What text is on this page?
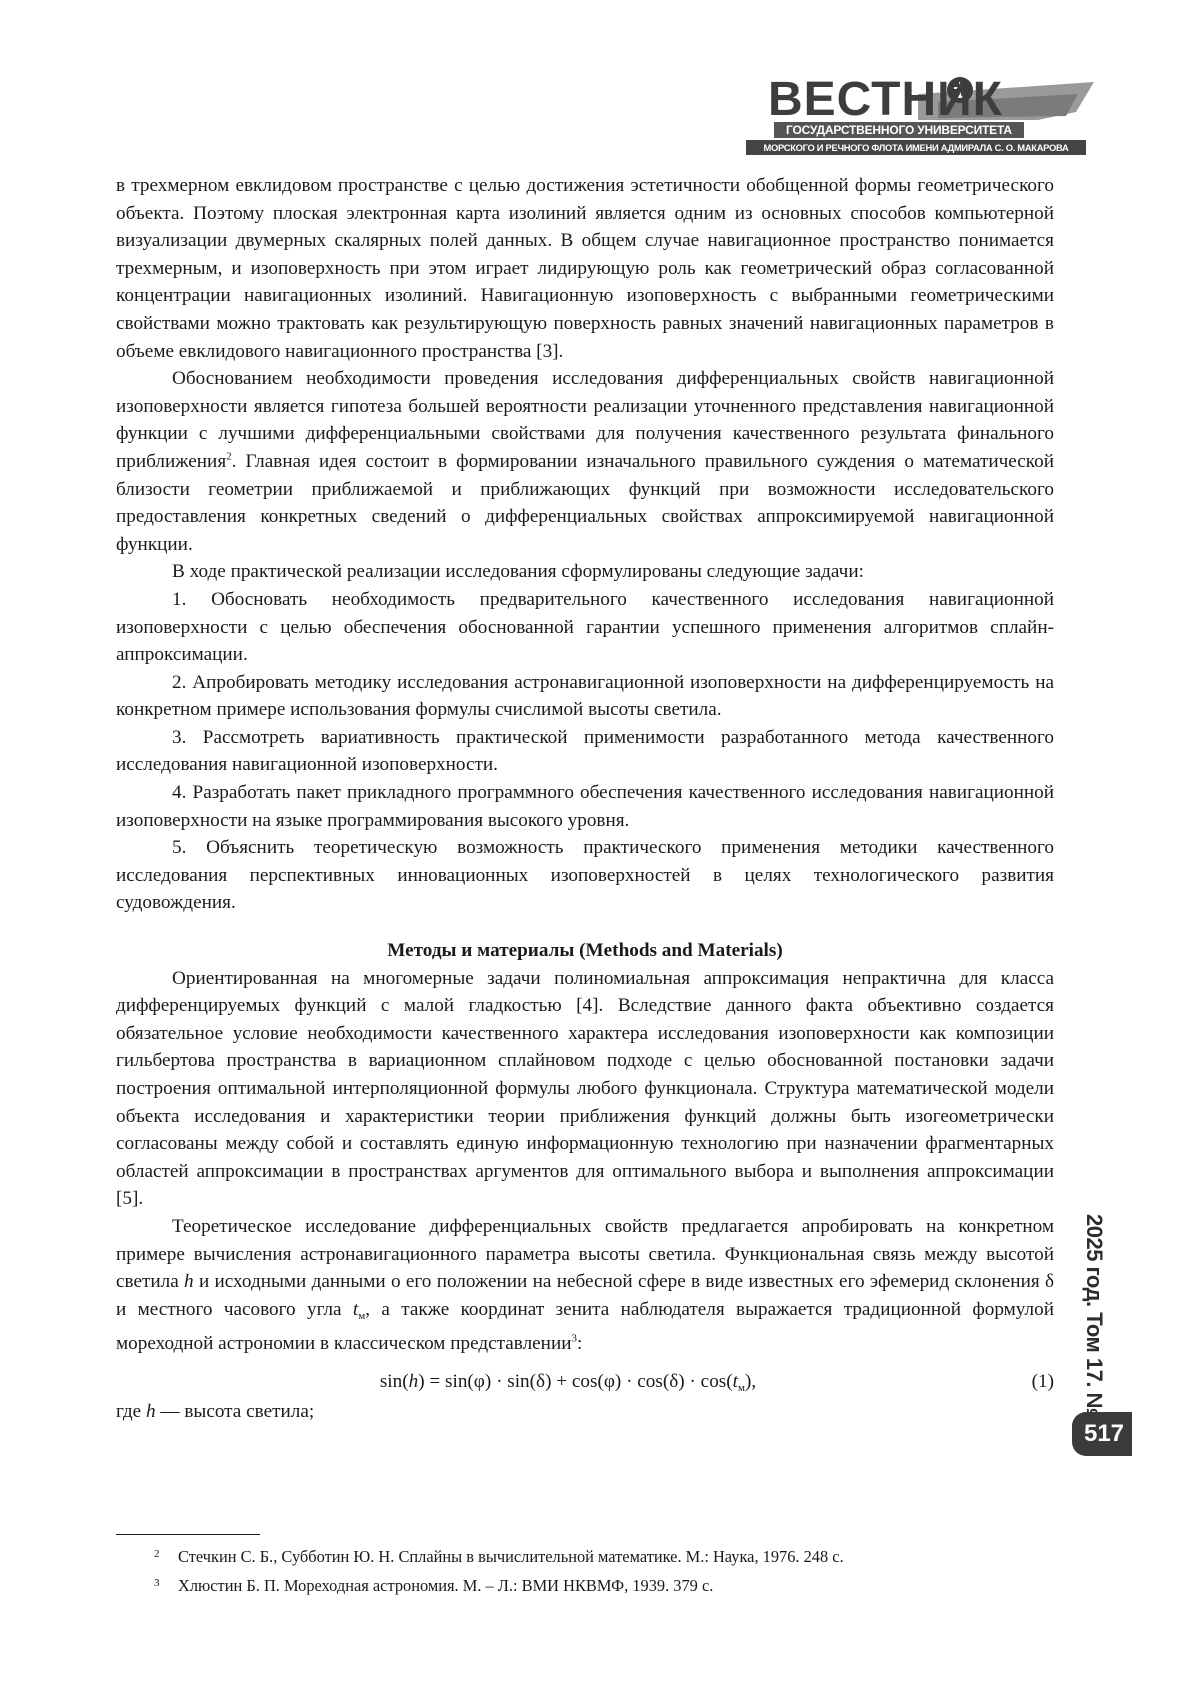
ВЕСТНИК
ГОСУДАРСТВЕННОГО УНИВЕРСИТЕТА
МОРСКОГО И РЕЧНОГО ФЛОТА ИМЕНИ АДМИРАЛА С. О. МАКАРОВА

в трехмерном евклидовом пространстве с целью достижения эстетичности обобщенной формы геометрического объекта. Поэтому плоская электронная карта изолиний является одним из основных способов компьютерной визуализации двумерных скалярных полей данных. В общем случае навигационное пространство понимается трехмерным, и изоповерхность при этом играет лидирующую роль как геометрический образ согласованной концентрации навигационных изолиний. Навигационную изоповерхность с выбранными геометрическими свойствами можно трактовать как результирующую поверхность равных значений навигационных параметров в объеме евклидового навигационного пространства [3].

Обоснованием необходимости проведения исследования дифференциальных свойств навигационной изоповерхности является гипотеза большей вероятности реализации уточненного представления навигационной функции с лучшими дифференциальными свойствами для получения качественного результата финального приближения2. Главная идея состоит в формировании изначального правильного суждения о математической близости геометрии приближаемой и приближающих функций при возможности исследовательского предоставления конкретных сведений о дифференциальных свойствах аппроксимируемой навигационной функции.

В ходе практической реализации исследования сформулированы следующие задачи:

1. Обосновать необходимость предварительного качественного исследования навигационной изоповерхности с целью обеспечения обоснованной гарантии успешного применения алгоритмов сплайн-аппроксимации.

2. Апробировать методику исследования астронавигационной изоповерхности на дифференцируемость на конкретном примере использования формулы счислимой высоты светила.

3. Рассмотреть вариативность практической применимости разработанного метода качественного исследования навигационной изоповерхности.

4. Разработать пакет прикладного программного обеспечения качественного исследования навигационной изоповерхности на языке программирования высокого уровня.

5. Объяснить теоретическую возможность практического применения методики качественного исследования перспективных инновационных изоповерхностей в целях технологического развития судовождения.

Методы и материалы (Methods and Materials)

Ориентированная на многомерные задачи полиномиальная аппроксимация непрактична для класса дифференцируемых функций с малой гладкостью [4]. Вследствие данного факта объективно создается обязательное условие необходимости качественного характера исследования изоповерхности как композиции гильбертова пространства в вариационном сплайновом подходе с целью обоснованной постановки задачи построения оптимальной интерполяционной формулы любого функционала. Структура математической модели объекта исследования и характеристики теории приближения функций должны быть изогеометрически согласованы между собой и составлять единую информационную технологию при назначении фрагментарных областей аппроксимации в пространствах аргументов для оптимального выбора и выполнения аппроксимации [5].

Теоретическое исследование дифференциальных свойств предлагается апробировать на конкретном примере вычисления астронавигационного параметра высоты светила. Функциональная связь между высотой светила h и исходными данными о его положении на небесной сфере в виде известных его эфемерид склонения δ и местного часового угла tм, а также координат зенита наблюдателя выражается традиционной формулой мореходной астрономии в классическом представлении3:

sin(h) = sin(φ) · sin(δ) + cos(φ) · cos(δ) · cos(tм),	(1)

где h — высота светила;

2 Стечкин С. Б., Субботин Ю. Н. Сплайны в вычислительной математике. М.: Наука, 1976. 248 с.
3 Хлюстин Б. П. Мореходная астрономия. М. – Л.: ВМИ НКВМФ, 1939. 379 с.
2025 год. Том 17. № 4
517
